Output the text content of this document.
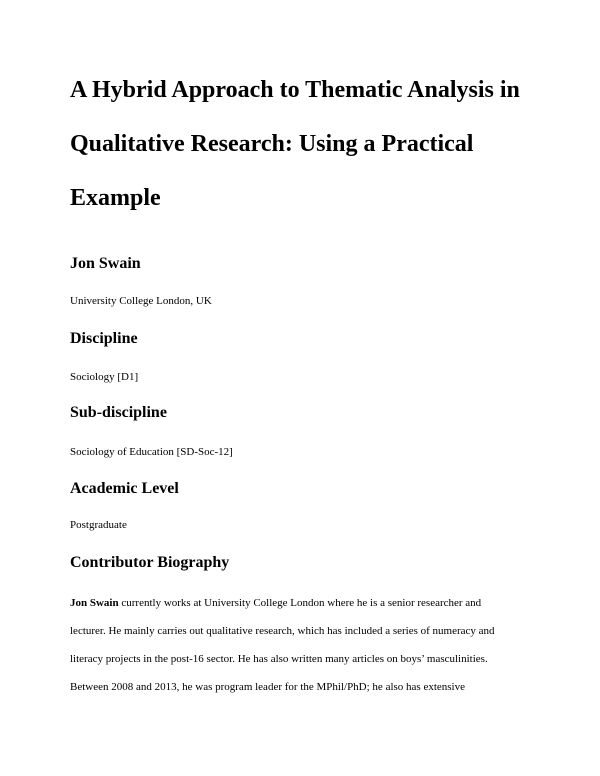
A Hybrid Approach to Thematic Analysis in
Qualitative Research: Using a Practical
Example
Jon Swain
University College London, UK
Discipline
Sociology [D1]
Sub-discipline
Sociology of Education [SD-Soc-12]
Academic Level
Postgraduate
Contributor Biography
Jon Swain currently works at University College London where he is a senior researcher and
lecturer. He mainly carries out qualitative research, which has included a series of numeracy and
literacy projects in the post-16 sector. He has also written many articles on boys’ masculinities.
Between 2008 and 2013, he was program leader for the MPhil/PhD; he also has extensive
